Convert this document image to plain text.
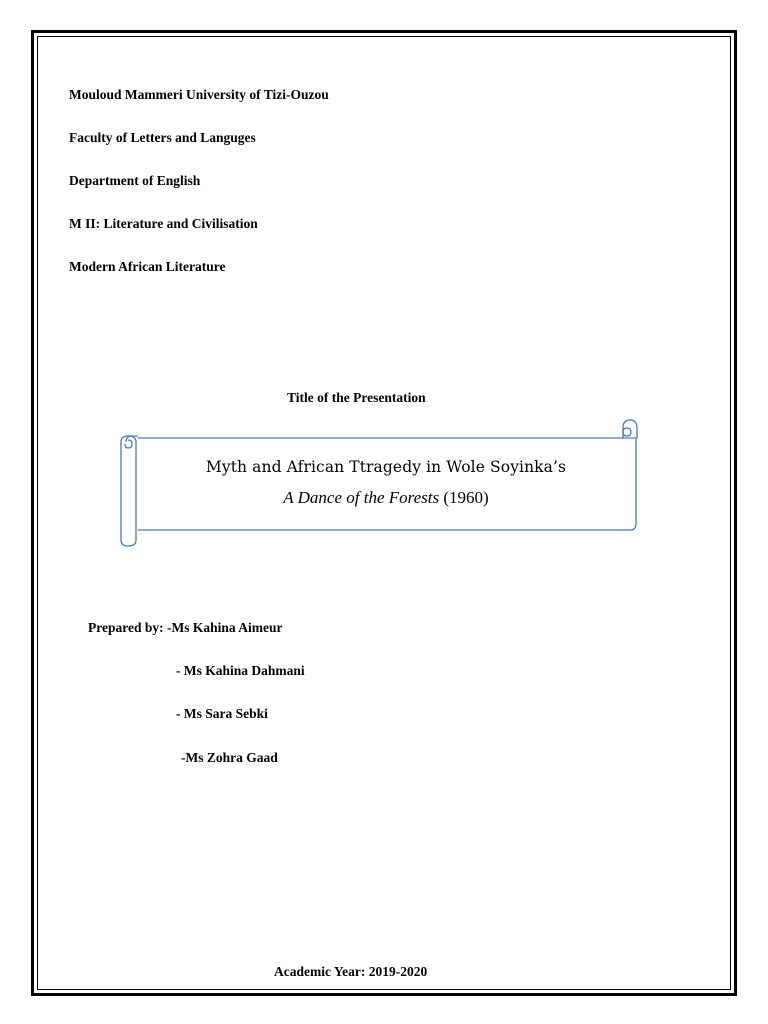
Mouloud Mammeri University of Tizi-Ouzou
Faculty of Letters and Languges
Department of English
M II: Literature and Civilisation
Modern African Literature
Title of the Presentation
Myth and African Ttragedy in Wole Soyinka’s
A Dance of the Forests (1960)
Prepared by: -Ms Kahina Aimeur
- Ms Kahina Dahmani
- Ms Sara Sebki
-Ms Zohra Gaad
Academic Year: 2019-2020
